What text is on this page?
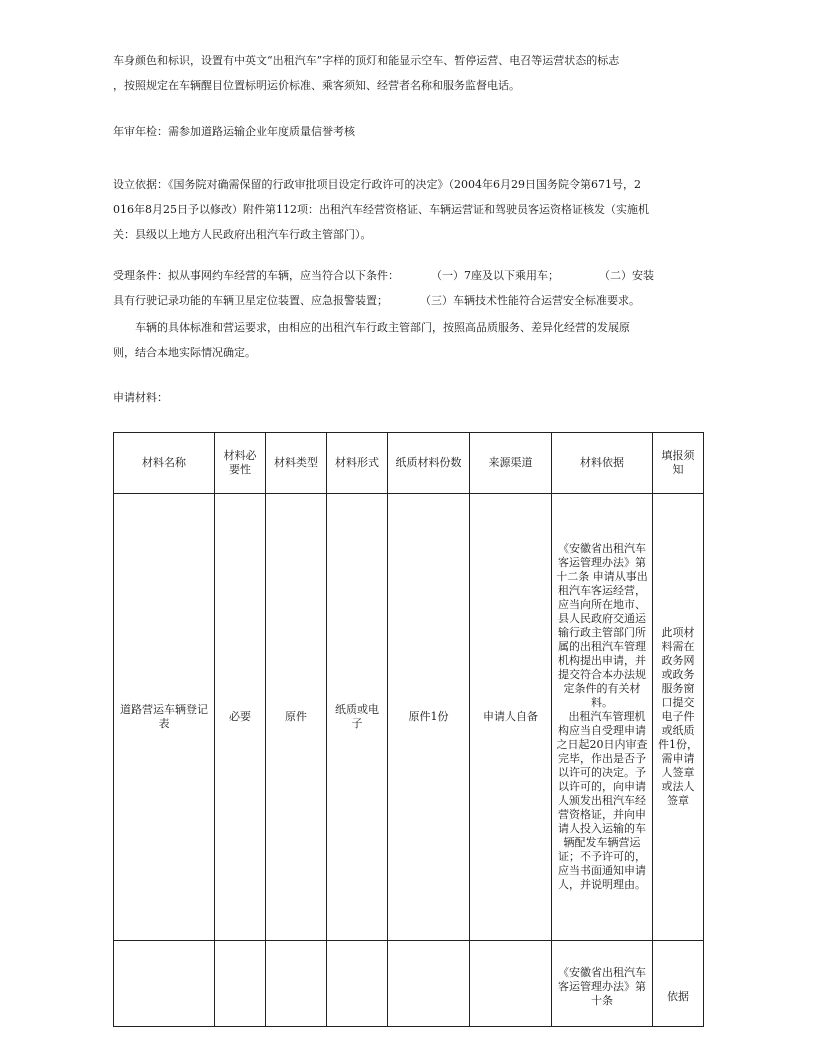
车身颜色和标识，设置有中英文“出租汽车”字样的顶灯和能显示空车、暂停运营、电召等运营状态的标志
，按照规定在车辆醒目位置标明运价标准、乘客须知、经营者名称和服务监督电话。

年审年检：需参加道路运输企业年度质量信誉考核

设立依据：《国务院对确需保留的行政审批项目设定行政许可的决定》（2004年6月29日国务院令第671号，2
016年8月25日予以修改）附件第112项：出租汽车经营资格证、车辆运营证和驾驶员客运资格证核发（实施机
关：县级以上地方人民政府出租汽车行政主管部门）。

受理条件：拟从事网约车经营的车辆，应当符合以下条件：	（一）7座及以下乘用车；	（二）安装
具有行驶记录功能的车辆卫星定位装置、应急报警装置；	（三）车辆技术性能符合运营安全标准要求。

车辆的具体标准和营运要求，由相应的出租汽车行政主管部门，按照高品质服务、差异化经营的发展原
则，结合本地实际情况确定。

申请材料：

材料名称	材料必要性	材料类型	材料形式	纸质材料份数	来源渠道	材料依据	填报须知
道路营运车辆登记表	必要	原件	纸质或电子	原件1份	申请人自备	《安徽省出租汽车客运管理办法》第十二条 申请从事出租汽车客运经营，应当向所在地市、县人民政府交通运输行政主管部门所属的出租汽车管理机构提出申请，并提交符合本办法规定条件的有关材料。

出租汽车管理机构应当自受理申请之日起20日内审查完毕，作出是否予以许可的决定。予以许可的，向申请人颁发出租汽车经营资格证，并向申请人投入运输的车辆配发车辆营运证；不予许可的，应当书面通知申请人，并说明理由。	此项材料需在政务网或政务服务窗口提交电子件或纸质件1份，需申请人签章或法人签章
						《安徽省出租汽车客运管理办法》第十条	依据
